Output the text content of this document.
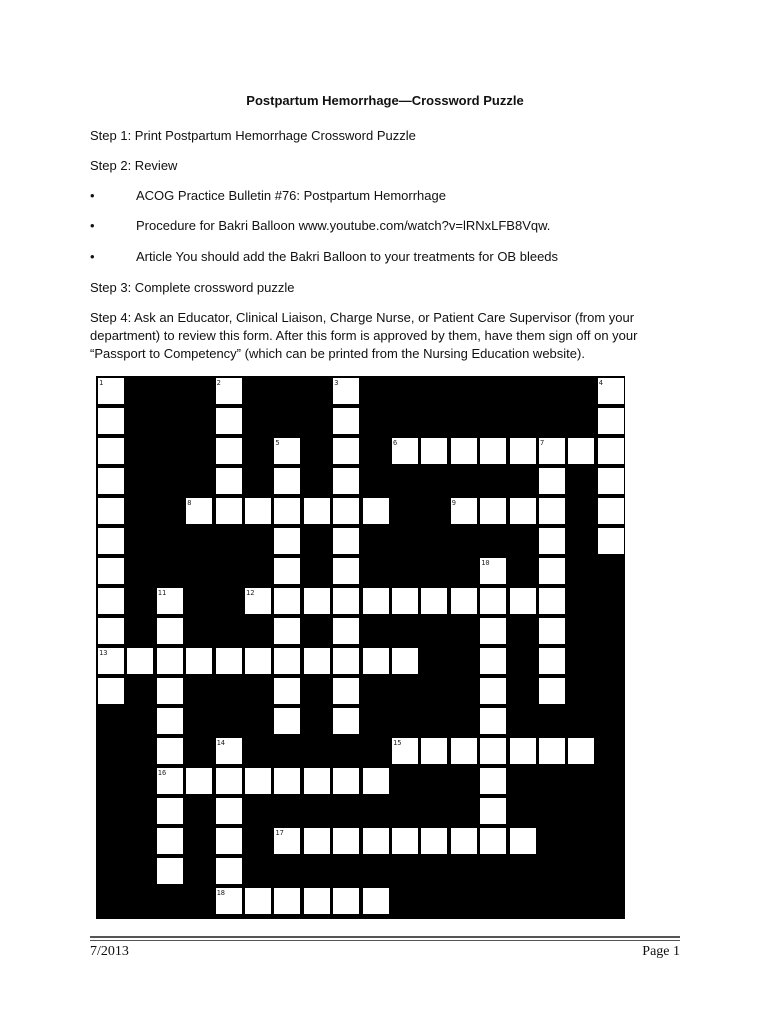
Postpartum Hemorrhage—Crossword Puzzle
Step 1: Print Postpartum Hemorrhage Crossword Puzzle
Step 2: Review
•	ACOG Practice Bulletin #76: Postpartum Hemorrhage
•	Procedure for Bakri Balloon www.youtube.com/watch?v=lRNxLFB8Vqw.
•	Article You should add the Bakri Balloon to your treatments for OB bleeds
Step 3: Complete crossword puzzle
Step 4: Ask an Educator, Clinical Liaison, Charge Nurse, or Patient Care Supervisor (from your
department) to review this form. After this form is approved by them, have them sign off on your
“Passport to Competency” (which can be printed from the Nursing Education website).
1	2	3	4
5	6	7
8	9
10
11	12
13
14	15
16
17
18
7/2013	Page 1
